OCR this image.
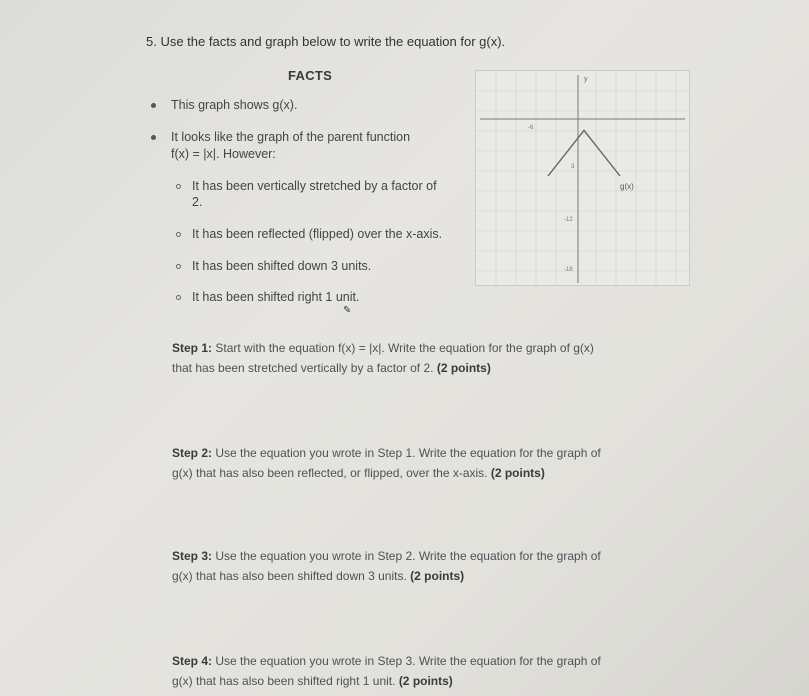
5. Use the facts and graph below to write the equation for g(x).
FACTS
This graph shows g(x).
It looks like the graph of the parent function
f(x) = |x|. However:
It has been vertically stretched by a factor of
2.
It has been reflected (flipped) over the x-axis.
It has been shifted down 3 units.
It has been shifted right 1 unit.
✎
y
-6
3
-12
-18
g(x)
Step 1: Start with the equation f(x) = |x|. Write the equation for the graph of g(x)
that has been stretched vertically by a factor of 2. (2 points)
Step 2: Use the equation you wrote in Step 1. Write the equation for the graph of
g(x) that has also been reflected, or flipped, over the x-axis. (2 points)
Step 3: Use the equation you wrote in Step 2. Write the equation for the graph of
g(x) that has also been shifted down 3 units. (2 points)
Step 4: Use the equation you wrote in Step 3. Write the equation for the graph of
g(x) that has also been shifted right 1 unit. (2 points)
